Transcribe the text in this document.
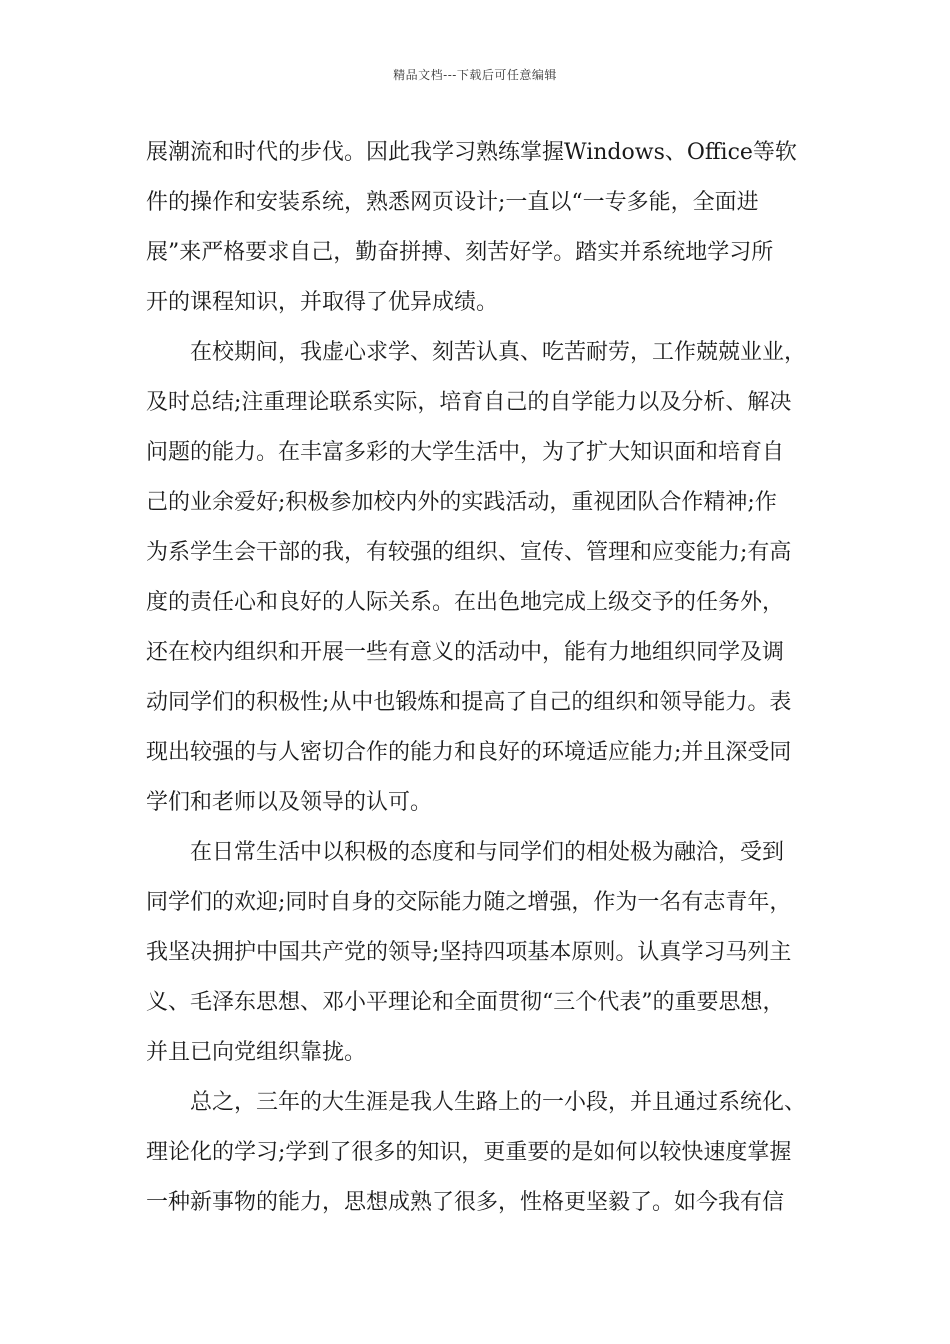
精品文档---下载后可任意编辑
展潮流和时代的步伐。因此我学习熟练掌握Windows、Office等软
件的操作和安装系统，熟悉网页设计;一直以“一专多能，全面进
展”来严格要求自己，勤奋拼搏、刻苦好学。踏实并系统地学习所
开的课程知识，并取得了优异成绩。
在校期间，我虚心求学、刻苦认真、吃苦耐劳，工作兢兢业业，
及时总结;注重理论联系实际，培育自己的自学能力以及分析、解决
问题的能力。在丰富多彩的大学生活中，为了扩大知识面和培育自
己的业余爱好;积极参加校内外的实践活动，重视团队合作精神;作
为系学生会干部的我，有较强的组织、宣传、管理和应变能力;有高
度的责任心和良好的人际关系。在出色地完成上级交予的任务外，
还在校内组织和开展一些有意义的活动中，能有力地组织同学及调
动同学们的积极性;从中也锻炼和提高了自己的组织和领导能力。表
现出较强的与人密切合作的能力和良好的环境适应能力;并且深受同
学们和老师以及领导的认可。
在日常生活中以积极的态度和与同学们的相处极为融洽，受到
同学们的欢迎;同时自身的交际能力随之增强，作为一名有志青年，
我坚决拥护中国共产党的领导;坚持四项基本原则。认真学习马列主
义、毛泽东思想、邓小平理论和全面贯彻“三个代表”的重要思想，
并且已向党组织靠拢。
总之，三年的大生涯是我人生路上的一小段，并且通过系统化、
理论化的学习;学到了很多的知识，更重要的是如何以较快速度掌握
一种新事物的能力，思想成熟了很多，性格更坚毅了。如今我有信
